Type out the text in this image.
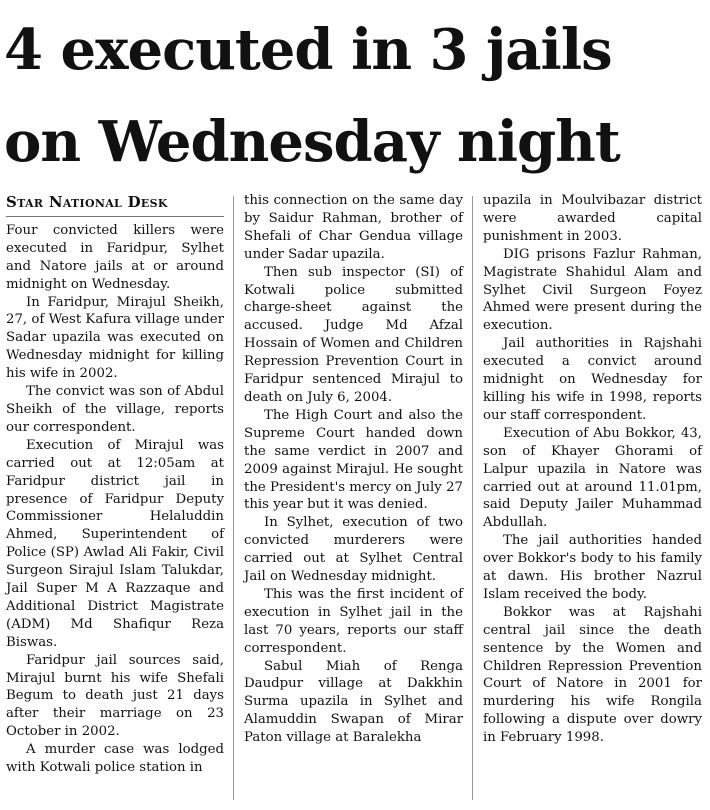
4 executed in 3 jails
on Wednesday night
Star National Desk

Four convicted killers were executed in Faridpur, Sylhet and Natore jails at or around midnight on Wednesday.

In Faridpur, Mirajul Sheikh, 27, of West Kafura village under Sadar upazila was executed on Wednesday midnight for killing his wife in 2002.

The convict was son of Abdul Sheikh of the village, reports our correspondent.

Execution of Mirajul was carried out at 12:05am at Faridpur district jail in presence of Faridpur Deputy Commissioner Helaluddin Ahmed, Superintendent of Police (SP) Awlad Ali Fakir, Civil Surgeon Sirajul Islam Talukdar, Jail Super M A Razzaque and Additional District Magistrate (ADM) Md Shafiqur Reza Biswas.

Faridpur jail sources said, Mirajul burnt his wife Shefali Begum to death just 21 days after their marriage on 23 October in 2002.

A murder case was lodged with Kotwali police station in

this connection on the same day by Saidur Rahman, brother of Shefali of Char Gendua village under Sadar upazila.

Then sub inspector (SI) of Kotwali police submitted charge-sheet against the accused. Judge Md Afzal Hossain of Women and Children Repression Prevention Court in Faridpur sentenced Mirajul to death on July 6, 2004.

The High Court and also the Supreme Court handed down the same verdict in 2007 and 2009 against Mirajul. He sought the President's mercy on July 27 this year but it was denied.

In Sylhet, execution of two convicted murderers were carried out at Sylhet Central Jail on Wednesday midnight.

This was the first incident of execution in Sylhet jail in the last 70 years, reports our staff correspondent.

Sabul Miah of Renga Daudpur village at Dakkhin Surma upazila in Sylhet and Alamuddin Swapan of Mirar Paton village at Baralekha

upazila in Moulvibazar district were awarded capital punishment in 2003.

DIG prisons Fazlur Rahman, Magistrate Shahidul Alam and Sylhet Civil Surgeon Foyez Ahmed were present during the execution.

Jail authorities in Rajshahi executed a convict around midnight on Wednesday for killing his wife in 1998, reports our staff correspondent.

Execution of Abu Bokkor, 43, son of Khayer Ghorami of Lalpur upazila in Natore was carried out at around 11.01pm, said Deputy Jailer Muhammad Abdullah.

The jail authorities handed over Bokkor's body to his family at dawn. His brother Nazrul Islam received the body.

Bokkor was at Rajshahi central jail since the death sentence by the Women and Children Repression Prevention Court of Natore in 2001 for murdering his wife Rongila following a dispute over dowry in February 1998.
